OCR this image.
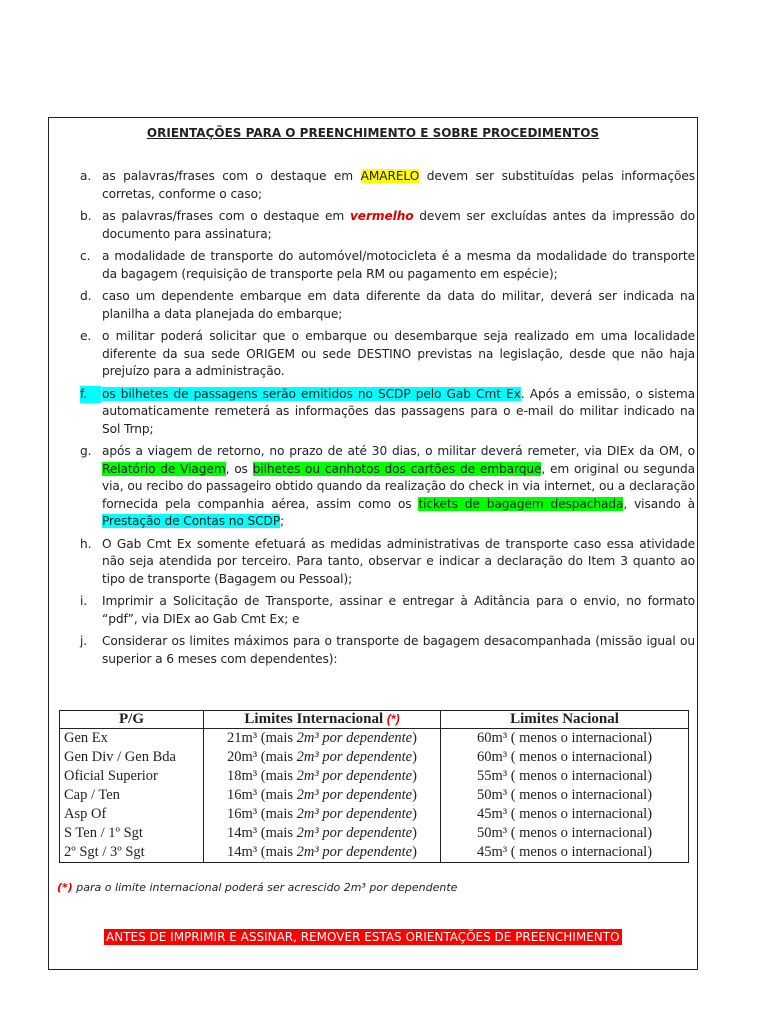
ORIENTAÇÕES PARA O PREENCHIMENTO E SOBRE PROCEDIMENTOS
a. as palavras/frases com o destaque em AMARELO devem ser substituídas pelas informações corretas, conforme o caso;
b. as palavras/frases com o destaque em vermelho devem ser excluídas antes da impressão do documento para assinatura;
c. a modalidade de transporte do automóvel/motocicleta é a mesma da modalidade do transporte da bagagem (requisição de transporte pela RM ou pagamento em espécie);
d. caso um dependente embarque em data diferente da data do militar, deverá ser indicada na planilha a data planejada do embarque;
e. o militar poderá solicitar que o embarque ou desembarque seja realizado em uma localidade diferente da sua sede ORIGEM ou sede DESTINO previstas na legislação, desde que não haja prejuízo para a administração.
f.	os bilhetes de passagens serão emitidos no SCDP pelo Gab Cmt Ex. Após a emissão, o sistema automaticamente remeterá as informações das passagens para o e-mail do militar indicado na Sol Trnp;
g. após a viagem de retorno, no prazo de até 30 dias, o militar deverá remeter, via DIEx da OM, o Relatório de Viagem, os bilhetes ou canhotos dos cartões de embarque, em original ou segunda via, ou recibo do passageiro obtido quando da realização do check in via internet, ou a declaração fornecida pela companhia aérea, assim como os tickets de bagagem despachada, visando à Prestação de Contas no SCDP;
h. O Gab Cmt Ex somente efetuará as medidas administrativas de transporte caso essa atividade não seja atendida por terceiro. Para tanto, observar e indicar a declaração do Item 3 quanto ao tipo de transporte (Bagagem ou Pessoal);
i. Imprimir a Solicitação de Transporte, assinar e entregar à Aditância para o envio, no formato “pdf”, via DIEx ao Gab Cmt Ex; e
j. Considerar os limites máximos para o transporte de bagagem desacompanhada (missão igual ou superior a 6 meses com dependentes):
P/G	Limites Internacional (*)	Limites Nacional
Gen Ex	21m³ (mais 2m³ por dependente)	60m³ ( menos o internacional)
Gen Div / Gen Bda	20m³ (mais 2m³ por dependente)	60m³ ( menos o internacional)
Oficial Superior	18m³ (mais 2m³ por dependente)	55m³ ( menos o internacional)
Cap / Ten	16m³ (mais 2m³ por dependente)	50m³ ( menos o internacional)
Asp Of	16m³ (mais 2m³ por dependente)	45m³ ( menos o internacional)
S Ten / 1º Sgt	14m³ (mais 2m³ por dependente)	50m³ ( menos o internacional)
2º Sgt / 3º Sgt	14m³ (mais 2m³ por dependente)	45m³ ( menos o internacional)
(*) para o limite internacional poderá ser acrescido 2m³ por dependente
ANTES DE IMPRIMIR E ASSINAR, REMOVER ESTAS ORIENTAÇÕES DE PREENCHIMENTO
